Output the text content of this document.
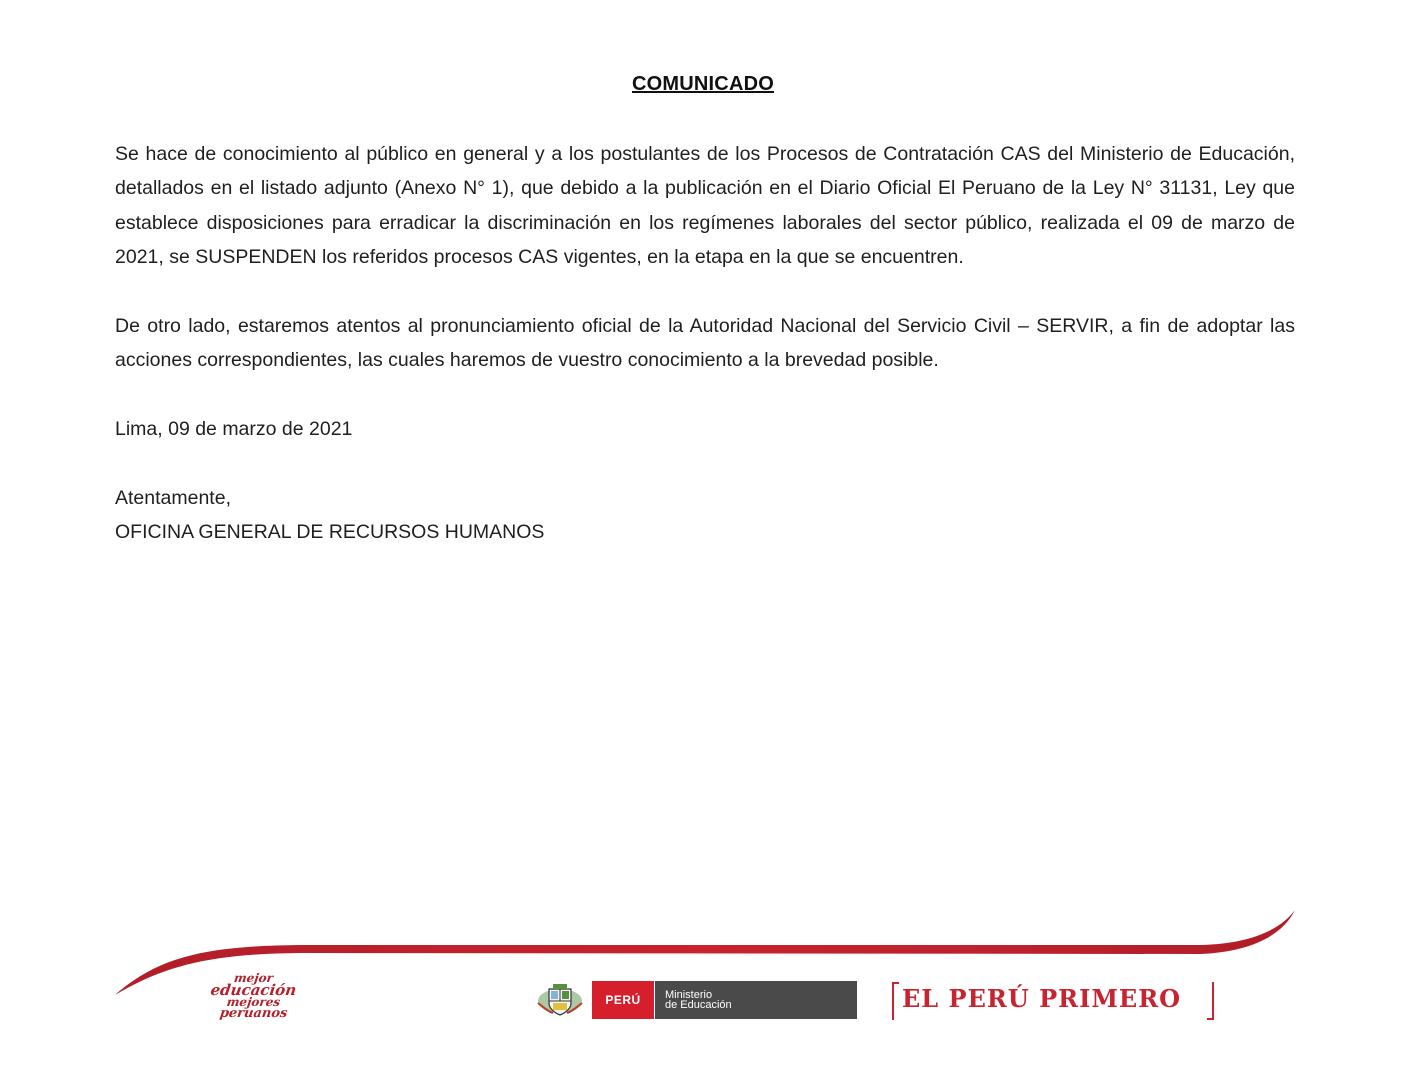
COMUNICADO
Se hace de conocimiento al público en general y a los postulantes de los Procesos de Contratación CAS del Ministerio de Educación, detallados en el listado adjunto (Anexo N° 1), que debido a la publicación en el Diario Oficial El Peruano de la Ley N° 31131, Ley que establece disposiciones para erradicar la discriminación en los regímenes laborales del sector público, realizada el 09 de marzo de 2021, se SUSPENDEN los referidos procesos CAS vigentes, en la etapa en la que se encuentren.
De otro lado, estaremos atentos al pronunciamiento oficial de la Autoridad Nacional del Servicio Civil – SERVIR, a fin de adoptar las acciones correspondientes, las cuales haremos de vuestro conocimiento a la brevedad posible.
Lima, 09 de marzo de 2021
Atentamente,
OFICINA GENERAL DE RECURSOS HUMANOS
mejor
educación
mejores
peruanos
PERÚ	Ministerio
de Educación	EL PERÚ PRIMERO
